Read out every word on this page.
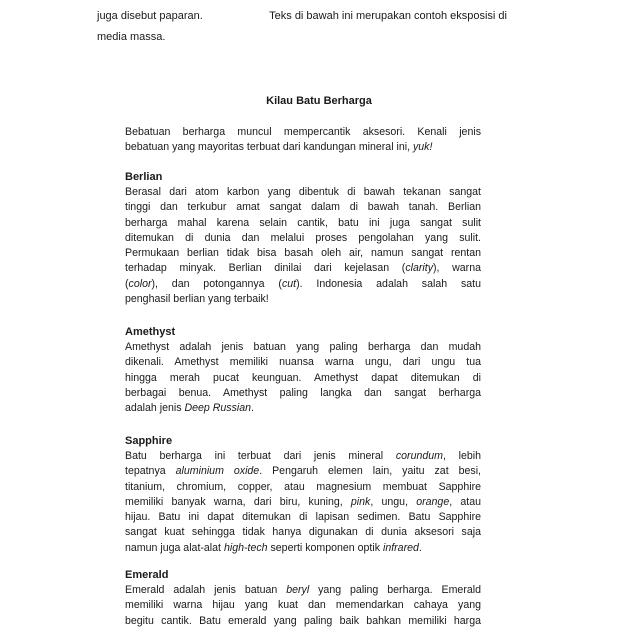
juga disebut paparan.	Teks di bawah ini merupakan contoh eksposisi di
media massa.
Kilau Batu Berharga

Bebatuan berharga muncul mempercantik aksesori. Kenali jenis

bebatuan yang mayoritas terbuat dari kandungan mineral ini, yuk!

Berlian

Berasal dari atom karbon yang dibentuk di bawah tekanan sangat

tinggi dan terkubur amat sangat dalam di bawah tanah. Berlian

berharga mahal karena selain cantik, batu ini juga sangat sulit

ditemukan di dunia dan melalui proses pengolahan yang sulit.

Permukaan berlian tidak bisa basah oleh air, namun sangat rentan

terhadap minyak. Berlian dinilai dari kejelasan (clarity), warna

(color), dan potongannya (cut). Indonesia adalah salah satu

penghasil berlian yang terbaik!

Amethyst

Amethyst adalah jenis batuan yang paling berharga dan mudah

dikenali. Amethyst memiliki nuansa warna ungu, dari ungu tua

hingga merah pucat keunguan. Amethyst dapat ditemukan di

berbagai benua. Amethyst paling langka dan sangat berharga

adalah jenis Deep Russian.

Sapphire

Batu berharga ini terbuat dari jenis mineral corundum, lebih

tepatnya aluminium oxide. Pengaruh elemen lain, yaitu zat besi,

titanium, chromium, copper, atau magnesium membuat Sapphire

memiliki banyak warna, dari biru, kuning, pink, ungu, orange, atau

hijau. Batu ini dapat ditemukan di lapisan sedimen. Batu Sapphire

sangat kuat sehingga tidak hanya digunakan di dunia aksesori saja

namun juga alat-alat high-tech seperti komponen optik infrared.

Emerald

Emerald adalah jenis batuan beryl yang paling berharga. Emerald

memiliki warna hijau yang kuat dan memendarkan cahaya yang

begitu cantik. Batu emerald yang paling baik bahkan memiliki harga
